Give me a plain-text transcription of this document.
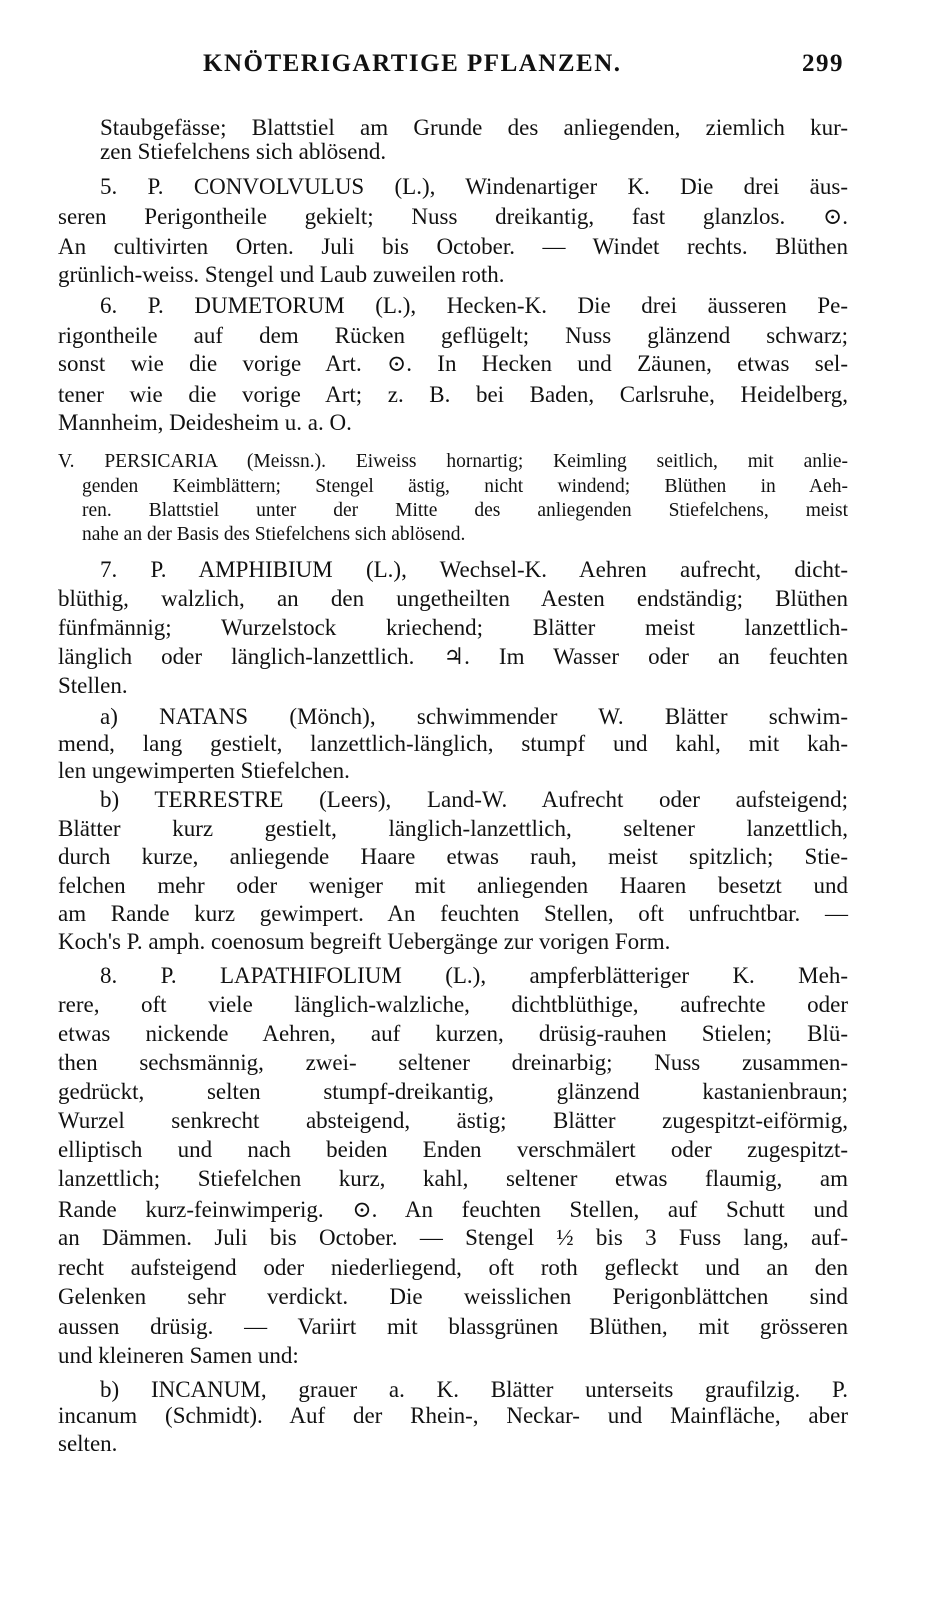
KNÖTERIGARTIGE PFLANZEN.	299
Staubgefässe; Blattstiel am Grunde des anliegenden, ziemlich kur-
zen Stiefelchens sich ablösend.
5. P. CONVOLVULUS (L.), Windenartiger K. Die drei äus-
seren Perigontheile gekielt; Nuss dreikantig, fast glanzlos. ⊙.
An cultivirten Orten. Juli bis October. — Windet rechts. Blüthen
grünlich-weiss. Stengel und Laub zuweilen roth.
6. P. DUMETORUM (L.), Hecken-K. Die drei äusseren Pe-
rigontheile auf dem Rücken geflügelt; Nuss glänzend schwarz;
sonst wie die vorige Art. ⊙. In Hecken und Zäunen, etwas sel-
tener wie die vorige Art; z. B. bei Baden, Carlsruhe, Heidelberg,
Mannheim, Deidesheim u. a. O.
V. PERSICARIA (Meissn.). Eiweiss hornartig; Keimling seitlich, mit anlie-
genden Keimblättern; Stengel ästig, nicht windend; Blüthen in Aeh-
ren. Blattstiel unter der Mitte des anliegenden Stiefelchens, meist
nahe an der Basis des Stiefelchens sich ablösend.
7. P. AMPHIBIUM (L.), Wechsel-K. Aehren aufrecht, dicht-
blüthig, walzlich, an den ungetheilten Aesten endständig; Blüthen
fünfmännig; Wurzelstock kriechend; Blätter meist lanzettlich-
länglich oder länglich-lanzettlich. ♃. Im Wasser oder an feuchten
Stellen.
a) NATANS (Mönch), schwimmender W. Blätter schwim-
mend, lang gestielt, lanzettlich-länglich, stumpf und kahl, mit kah-
len ungewimperten Stiefelchen.
b) TERRESTRE (Leers), Land-W. Aufrecht oder aufsteigend;
Blätter kurz gestielt, länglich-lanzettlich, seltener lanzettlich,
durch kurze, anliegende Haare etwas rauh, meist spitzlich; Stie-
felchen mehr oder weniger mit anliegenden Haaren besetzt und
am Rande kurz gewimpert. An feuchten Stellen, oft unfruchtbar. —
Koch's P. amph. coenosum begreift Uebergänge zur vorigen Form.
8. P. LAPATHIFOLIUM (L.), ampferblätteriger K. Meh-
rere, oft viele länglich-walzliche, dichtblüthige, aufrechte oder
etwas nickende Aehren, auf kurzen, drüsig-rauhen Stielen; Blü-
then sechsmännig, zwei- seltener dreinarbig; Nuss zusammen-
gedrückt, selten stumpf-dreikantig, glänzend kastanienbraun;
Wurzel senkrecht absteigend, ästig; Blätter zugespitzt-eiförmig,
elliptisch und nach beiden Enden verschmälert oder zugespitzt-
lanzettlich; Stiefelchen kurz, kahl, seltener etwas flaumig, am
Rande kurz-feinwimperig. ⊙. An feuchten Stellen, auf Schutt und
an Dämmen. Juli bis October. — Stengel ½ bis 3 Fuss lang, auf-
recht aufsteigend oder niederliegend, oft roth gefleckt und an den
Gelenken sehr verdickt. Die weisslichen Perigonblättchen sind
aussen drüsig. — Variirt mit blassgrünen Blüthen, mit grösseren
und kleineren Samen und:
b) INCANUM, grauer a. K. Blätter unterseits graufilzig. P.
incanum (Schmidt). Auf der Rhein-, Neckar- und Mainfläche, aber
selten.
